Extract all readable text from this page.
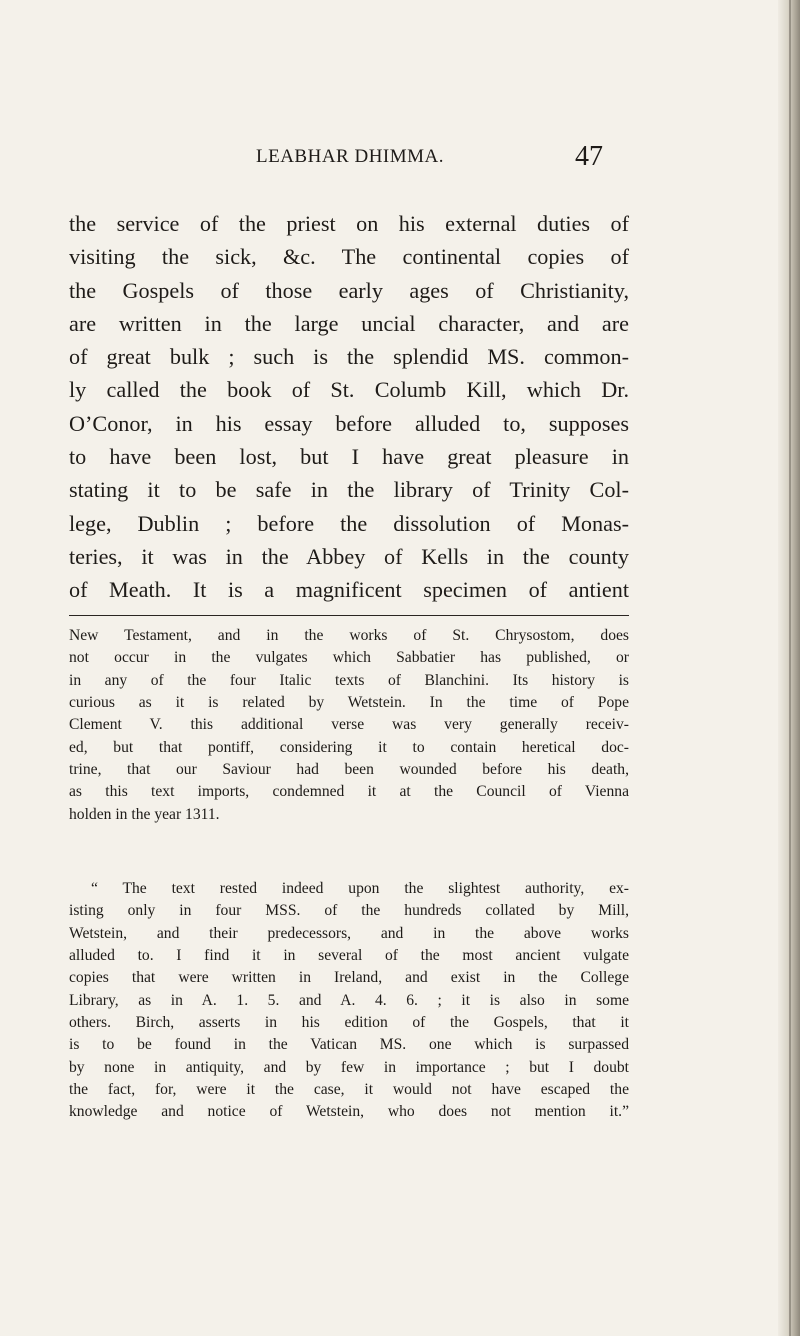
LEABHAR DHIMMA.	47
the service of the priest on his external duties of
visiting the sick, &c. The continental copies of
the Gospels of those early ages of Christianity,
are written in the large uncial character, and are
of great bulk ; such is the splendid MS. common-
ly called the book of St. Columb Kill, which Dr.
O’Conor, in his essay before alluded to, supposes
to have been lost, but I have great pleasure in
stating it to be safe in the library of Trinity Col-
lege, Dublin ; before the dissolution of Monas-
teries, it was in the Abbey of Kells in the county
of Meath. It is a magnificent specimen of antient
New Testament, and in the works of St. Chrysostom, does
not occur in the vulgates which Sabbatier has published, or
in any of the four Italic texts of Blanchini. Its history is
curious as it is related by Wetstein. In the time of Pope
Clement V. this additional verse was very generally receiv-
ed, but that pontiff, considering it to contain heretical doc-
trine, that our Saviour had been wounded before his death,
as this text imports, condemned it at the Council of Vienna
holden in the year 1311.
“ The text rested indeed upon the slightest authority, ex-
isting only in four MSS. of the hundreds collated by Mill,
Wetstein, and their predecessors, and in the above works
alluded to. I find it in several of the most ancient vulgate
copies that were written in Ireland, and exist in the College
Library, as in A. 1. 5. and A. 4. 6. ; it is also in some
others. Birch, asserts in his edition of the Gospels, that it
is to be found in the Vatican MS. one which is surpassed
by none in antiquity, and by few in importance ; but I doubt
the fact, for, were it the case, it would not have escaped the
knowledge and notice of Wetstein, who does not mention it.”
